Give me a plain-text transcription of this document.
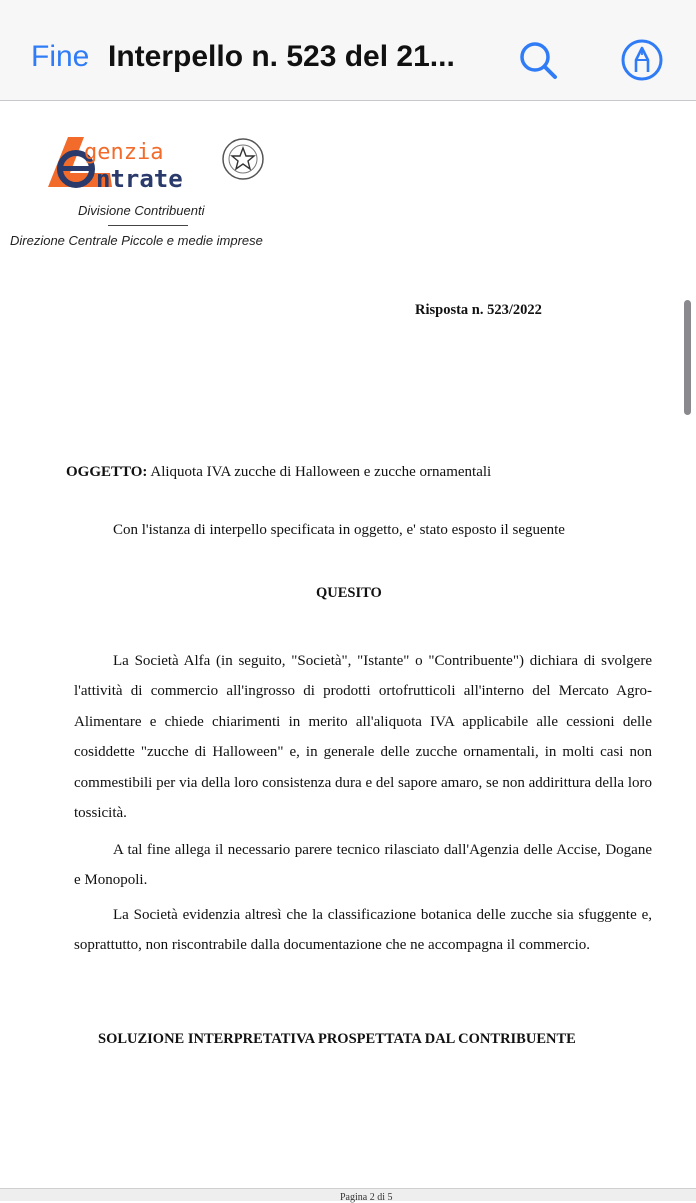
Fine Interpello n. 523 del 21...
genzia
ntrate
Divisione Contribuenti
Direzione Centrale Piccole e medie imprese
Risposta n. 523/2022
OGGETTO: Aliquota IVA zucche di Halloween e zucche ornamentali
Con l'istanza di interpello specificata in oggetto, e' stato esposto il seguente
QUESITO

La Società Alfa (in seguito, "Società", "Istante" o "Contribuente") dichiara di svolgere l'attività di commercio all'ingrosso di prodotti ortofrutticoli all'interno del Mercato Agro-Alimentare e chiede chiarimenti in merito all'aliquota IVA applicabile alle cessioni delle cosiddette "zucche di Halloween" e, in generale delle zucche ornamentali, in molti casi non commestibili per via della loro consistenza dura e del sapore amaro, se non addirittura della loro tossicità.

A tal fine allega il necessario parere tecnico rilasciato dall'Agenzia delle Accise, Dogane e Monopoli.

La Società evidenzia altresì che la classificazione botanica delle zucche sia sfuggente e, soprattutto, non riscontrabile dalla documentazione che ne accompagna il commercio.

SOLUZIONE INTERPRETATIVA PROSPETTATA DAL CONTRIBUENTE
Pagina 2 di 5
